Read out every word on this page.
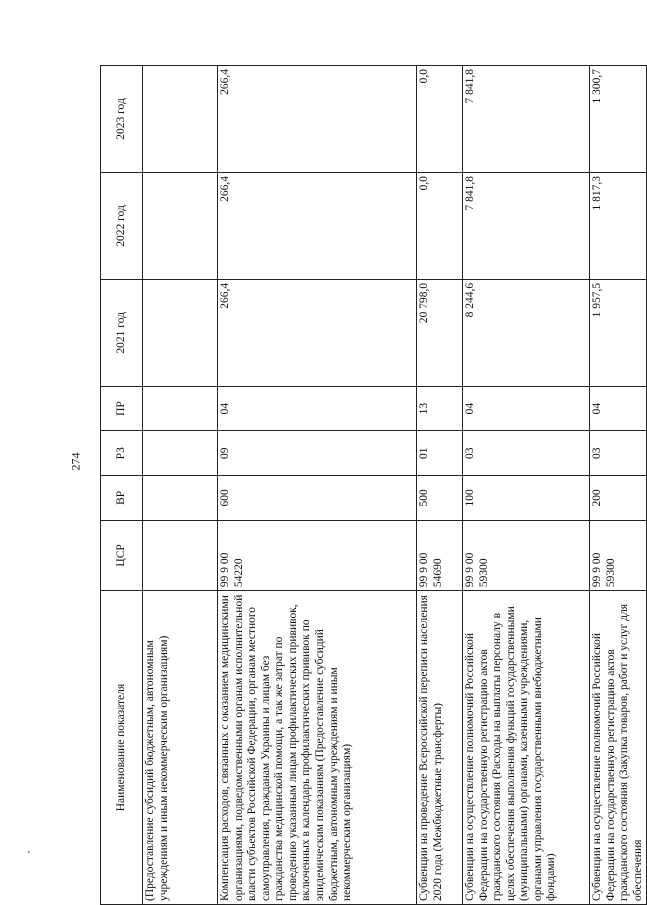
274
'
Наименование показателя	ЦСР	ВР	РЗ	ПР	2021 год	2022 год	2023 год
(Предоставление субсидий бюджетным, автономным учреждениям и иным некоммерческим организациям)							
Компенсация расходов, связанных с оказанием медицинскими организациями, подведомственными органам исполнительной власти субъектов Российской Федерации, органам местного самоуправления, гражданам Украины и лицам без гражданства медицинской помощи, а так же затрат по проведению указанным лицам профилактических прививок, включенных в календарь профилактических прививок по эпидемическим показаниям (Предоставление субсидий бюджетным, автономным учреждениям и иным некоммерческим организациям)	99 9 00 54220	600	09	04	266,4	266,4	266,4
Субвенции на проведение Всероссийской переписи населения 2020 года (Межбюджетные трансферты)	99 9 00 54690	500	01	13	20 798,0	0,0	0,0
Субвенции на осуществление полномочий Российской Федерации на государственную регистрацию актов гражданского состояния (Расходы на выплаты персоналу в целях обеспечения выполнения функций государственными (муниципальными) органами, казенными учреждениями, органами управления государственными внебюджетными фондами)	99 9 00 59300	100	03	04	8 244,6	7 841,8	7 841,8
Субвенции на осуществление полномочий Российской Федерации на государственную регистрацию актов гражданского состояния (Закупка товаров, работ и услуг для обеспечения	99 9 00 59300	200	03	04	1 957,5	1 817,3	1 300,7
